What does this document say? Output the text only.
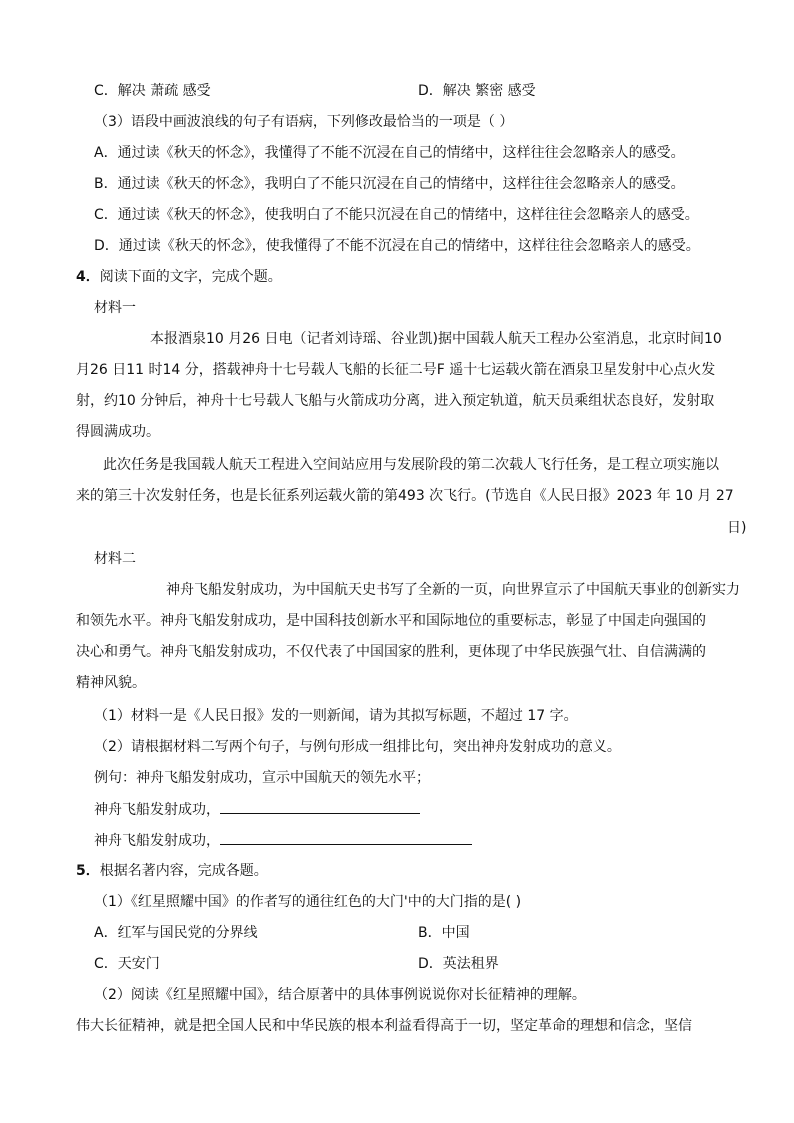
C．解决 萧疏 感受	D．解决 繁密 感受
（3）语段中画波浪线的句子有语病，下列修改最恰当的一项是（ ）
A．通过读《秋天的怀念》，我懂得了不能不沉浸在自己的情绪中，这样往往会忽略亲人的感受。
B．通过读《秋天的怀念》，我明白了不能只沉浸在自己的情绪中，这样往往会忽略亲人的感受。
C．通过读《秋天的怀念》，使我明白了不能只沉浸在自己的情绪中，这样往往会忽略亲人的感受。
D．通过读《秋天的怀念》，使我懂得了不能不沉浸在自己的情绪中，这样往往会忽略亲人的感受。
4．阅读下面的文字，完成个题。
材料一
本报酒泉10 月26 日电（记者刘诗瑶、谷业凯)据中国载人航天工程办公室消息，北京时间10
月26 日11 时14 分，搭载神舟十七号载人飞船的长征二号F 遥十七运载火箭在酒泉卫星发射中心点火发
射，约10 分钟后，神舟十七号载人飞船与火箭成功分离，进入预定轨道，航天员乘组状态良好，发射取
得圆满成功。
此次任务是我国载人航天工程进入空间站应用与发展阶段的第二次载人飞行任务，是工程立项实施以
来的第三十次发射任务，也是长征系列运载火箭的第493 次飞行。(节选自《人民日报》2023 年 10 月 27
日)
材料二
神舟飞船发射成功，为中国航天史书写了全新的一页，向世界宣示了中国航天事业的创新实力
和领先水平。神舟飞船发射成功，是中国科技创新水平和国际地位的重要标志，彰显了中国走向强国的
决心和勇气。神舟飞船发射成功，不仅代表了中国国家的胜利，更体现了中华民族强气壮、自信满满的
精神风貌。
（1）材料一是《人民日报》发的一则新闻，请为其拟写标题，不超过 17 字。
（2）请根据材料二写两个句子，与例句形成一组排比句，突出神舟发射成功的意义。
例句：神舟飞船发射成功，宣示中国航天的领先水平；
神舟飞船发射成功，
神舟飞船发射成功，
5．根据名著内容，完成各题。
（1）《红星照耀中国》的作者写的通往红色的大门'中的大门指的是( )
A．红军与国民党的分界线	B．中国
C．天安门	D．英法租界
（2）阅读《红星照耀中国》，结合原著中的具体事例说说你对长征精神的理解。
伟大长征精神，就是把全国人民和中华民族的根本利益看得高于一切，坚定革命的理想和信念，坚信
